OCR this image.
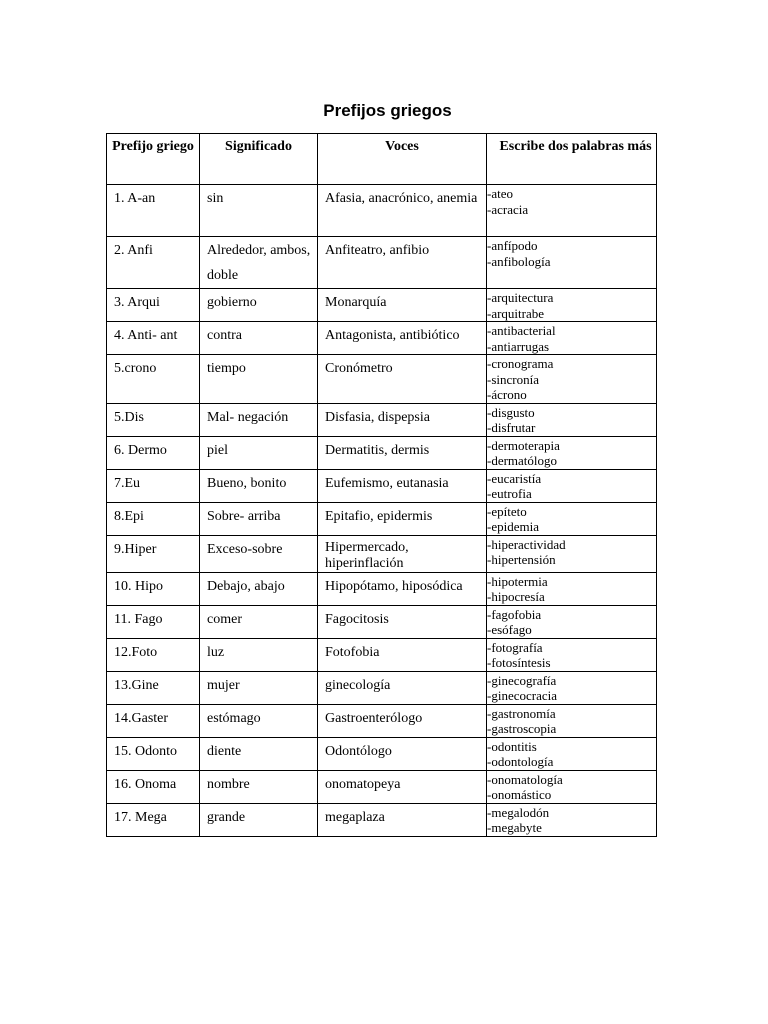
Prefijos griegos
Prefijo griego	Significado	Voces	Escribe dos palabras más
1. A-an	sin	Afasia, anacrónico, anemia	-ateo
-acracia

2. Anfi	Alrededor, ambos, doble	Anfiteatro, anfibio	-anfípodo
-anfibología

3. Arqui	gobierno	Monarquía	-arquitectura
-arquitrabe

4. Anti- ant	contra	Antagonista, antibiótico	-antibacterial
-antiarrugas

5.crono	tiempo	Cronómetro	-cronograma
-sincronía
-ácrono

5.Dis	Mal- negación	Disfasia, dispepsia	-disgusto
-disfrutar

6. Dermo	piel	Dermatitis, dermis	-dermoterapia
-dermatólogo

7.Eu	Bueno, bonito	Eufemismo, eutanasia	-eucaristía
-eutrofia

8.Epi	Sobre- arriba	Epitafio, epidermis	-epíteto
-epidemia

9.Hiper	Exceso-sobre	Hipermercado, hiperinflación	-hiperactividad
-hipertensión

10. Hipo	Debajo, abajo	Hipopótamo, hiposódica	-hipotermia
-hipocresía

11. Fago	comer	Fagocitosis	-fagofobia
-esófago

12.Foto	luz	Fotofobia	-fotografía
-fotosíntesis

13.Gine	mujer	ginecología	-ginecografía
-ginecocracia

14.Gaster	estómago	Gastroenterólogo	-gastronomía
-gastroscopia

15. Odonto	diente	Odontólogo	-odontitis
-odontología

16. Onoma	nombre	onomatopeya	-onomatología
-onomástico

17. Mega	grande	megaplaza	-megalodón
-megabyte
